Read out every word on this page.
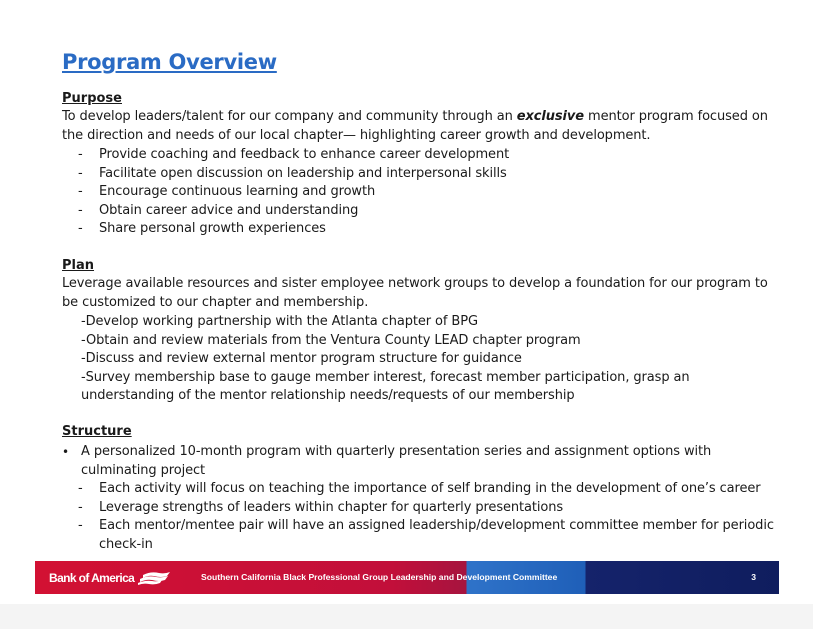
Program Overview
Purpose
To develop leaders/talent for our company and community through an exclusive mentor program focused on the direction and needs of our local chapter— highlighting career growth and development.
- Provide coaching and feedback to enhance career development
- Facilitate open discussion on leadership and interpersonal skills
- Encourage continuous learning and growth
- Obtain career advice and understanding
- Share personal growth experiences
Plan
Leverage available resources and sister employee network groups to develop a foundation for our program to be customized to our chapter and membership.
-Develop working partnership with the Atlanta chapter of BPG
-Obtain and review materials from the Ventura County LEAD chapter program
-Discuss and review external mentor program structure for guidance
-Survey membership base to gauge member interest, forecast member participation, grasp an understanding of the mentor relationship needs/requests of our membership
Structure
• A personalized 10-month program with quarterly presentation series and assignment options with culminating project
- Each activity will focus on teaching the importance of self branding in the development of one’s career
- Leverage strengths of leaders within chapter for quarterly presentations
- Each mentor/mentee pair will have an assigned leadership/development committee member for periodic check-in
Bank of America	Southern California Black Professional Group Leadership and Development Committee	3
